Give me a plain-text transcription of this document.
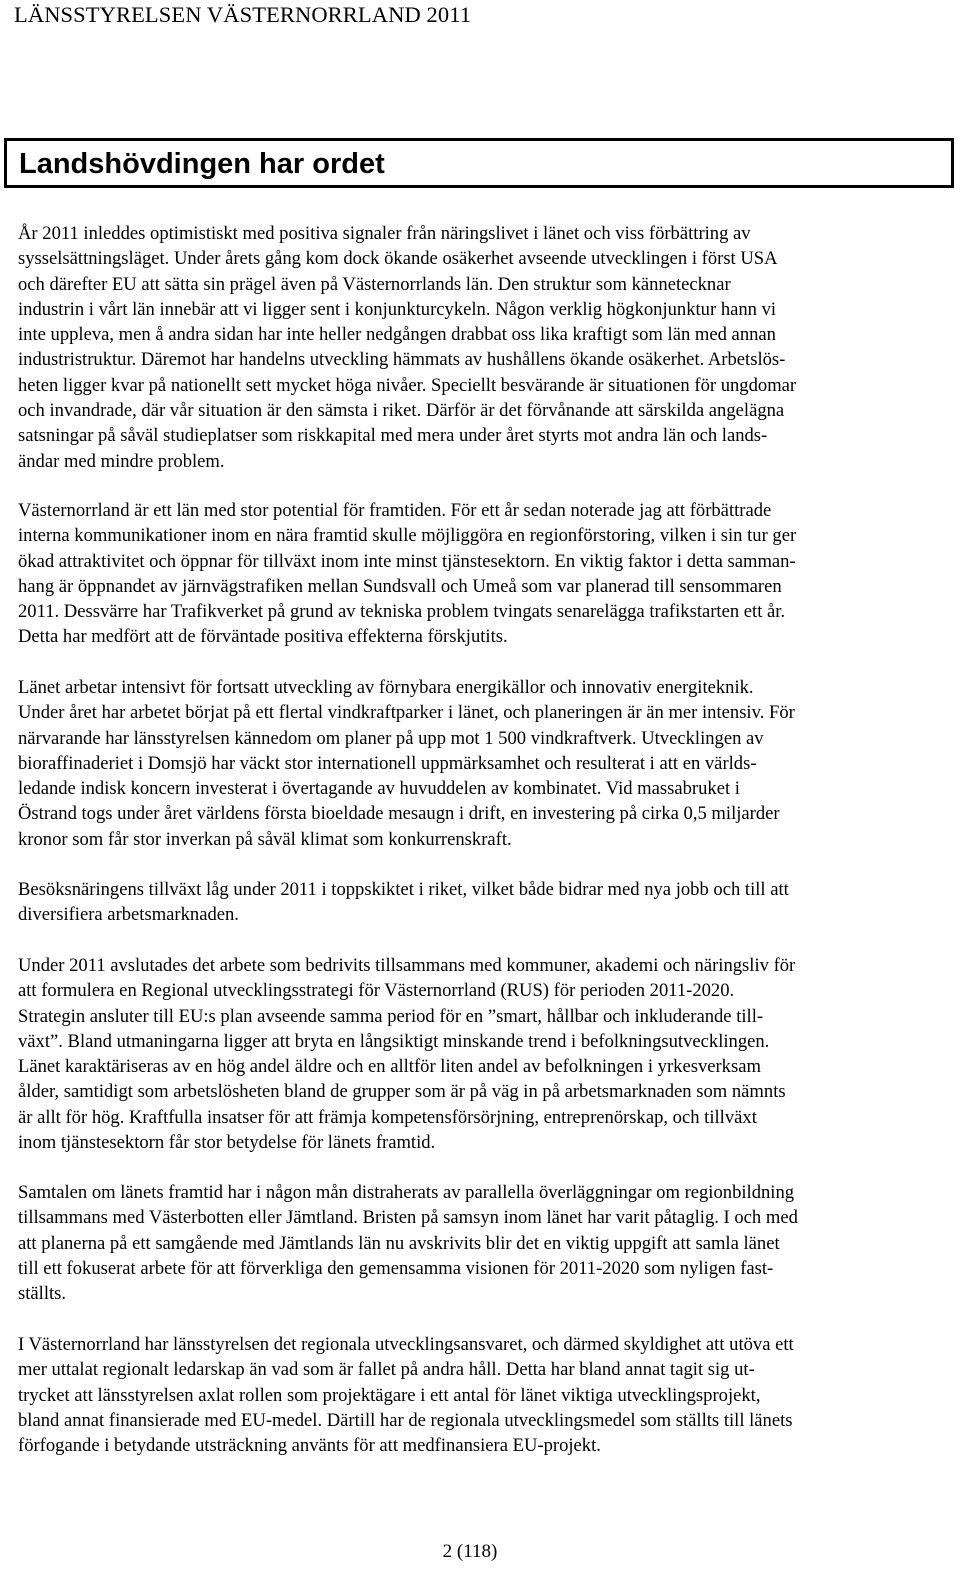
LÄNSSTYRELSEN VÄSTERNORRLAND 2011
Landshövdingen har ordet

År 2011 inleddes optimistiskt med positiva signaler från näringslivet i länet och viss förbättring av

sysselsättningsläget. Under årets gång kom dock ökande osäkerhet avseende utvecklingen i först USA

och därefter EU att sätta sin prägel även på Västernorrlands län. Den struktur som kännetecknar

industrin i vårt län innebär att vi ligger sent i konjunkturcykeln. Någon verklig högkonjunktur hann vi

inte uppleva, men å andra sidan har inte heller nedgången drabbat oss lika kraftigt som län med annan

industristruktur. Däremot har handelns utveckling hämmats av hushållens ökande osäkerhet. Arbetslös-

heten ligger kvar på nationellt sett mycket höga nivåer. Speciellt besvärande är situationen för ungdomar

och invandrade, där vår situation är den sämsta i riket. Därför är det förvånande att särskilda angelägna

satsningar på såväl studieplatser som riskkapital med mera under året styrts mot andra län och lands-

ändar med mindre problem.

Västernorrland är ett län med stor potential för framtiden. För ett år sedan noterade jag att förbättrade

interna kommunikationer inom en nära framtid skulle möjliggöra en regionförstoring, vilken i sin tur ger

ökad attraktivitet och öppnar för tillväxt inom inte minst tjänstesektorn. En viktig faktor i detta samman-

hang är öppnandet av järnvägstrafiken mellan Sundsvall och Umeå som var planerad till sensommaren

2011. Dessvärre har Trafikverket på grund av tekniska problem tvingats senarelägga trafikstarten ett år.

Detta har medfört att de förväntade positiva effekterna förskjutits.

Länet arbetar intensivt för fortsatt utveckling av förnybara energikällor och innovativ energiteknik.

Under året har arbetet börjat på ett flertal vindkraftparker i länet, och planeringen är än mer intensiv. För

närvarande har länsstyrelsen kännedom om planer på upp mot 1 500 vindkraftverk. Utvecklingen av

bioraffinaderiet i Domsjö har väckt stor internationell uppmärksamhet och resulterat i att en världs-

ledande indisk koncern investerat i övertagande av huvuddelen av kombinatet. Vid massabruket i

Östrand togs under året världens första bioeldade mesaugn i drift, en investering på cirka 0,5 miljarder

kronor som får stor inverkan på såväl klimat som konkurrenskraft.

Besöksnäringens tillväxt låg under 2011 i toppskiktet i riket, vilket både bidrar med nya jobb och till att

diversifiera arbetsmarknaden.

Under 2011 avslutades det arbete som bedrivits tillsammans med kommuner, akademi och näringsliv för

att formulera en Regional utvecklingsstrategi för Västernorrland (RUS) för perioden 2011-2020.

Strategin ansluter till EU:s plan avseende samma period för en ”smart, hållbar och inkluderande till-

växt”. Bland utmaningarna ligger att bryta en långsiktigt minskande trend i befolkningsutvecklingen.

Länet karaktäriseras av en hög andel äldre och en alltför liten andel av befolkningen i yrkesverksam

ålder, samtidigt som arbetslösheten bland de grupper som är på väg in på arbetsmarknaden som nämnts

är allt för hög. Kraftfulla insatser för att främja kompetensförsörjning, entreprenörskap, och tillväxt

inom tjänstesektorn får stor betydelse för länets framtid.

Samtalen om länets framtid har i någon mån distraherats av parallella överläggningar om regionbildning

tillsammans med Västerbotten eller Jämtland. Bristen på samsyn inom länet har varit påtaglig. I och med

att planerna på ett samgående med Jämtlands län nu avskrivits blir det en viktig uppgift att samla länet

till ett fokuserat arbete för att förverkliga den gemensamma visionen för 2011-2020 som nyligen fast-

ställts.

I Västernorrland har länsstyrelsen det regionala utvecklingsansvaret, och därmed skyldighet att utöva ett

mer uttalat regionalt ledarskap än vad som är fallet på andra håll. Detta har bland annat tagit sig ut-

trycket att länsstyrelsen axlat rollen som projektägare i ett antal för länet viktiga utvecklingsprojekt,

bland annat finansierade med EU-medel. Därtill har de regionala utvecklingsmedel som ställts till länets

förfogande i betydande utsträckning använts för att medfinansiera EU-projekt.

2 (118)
